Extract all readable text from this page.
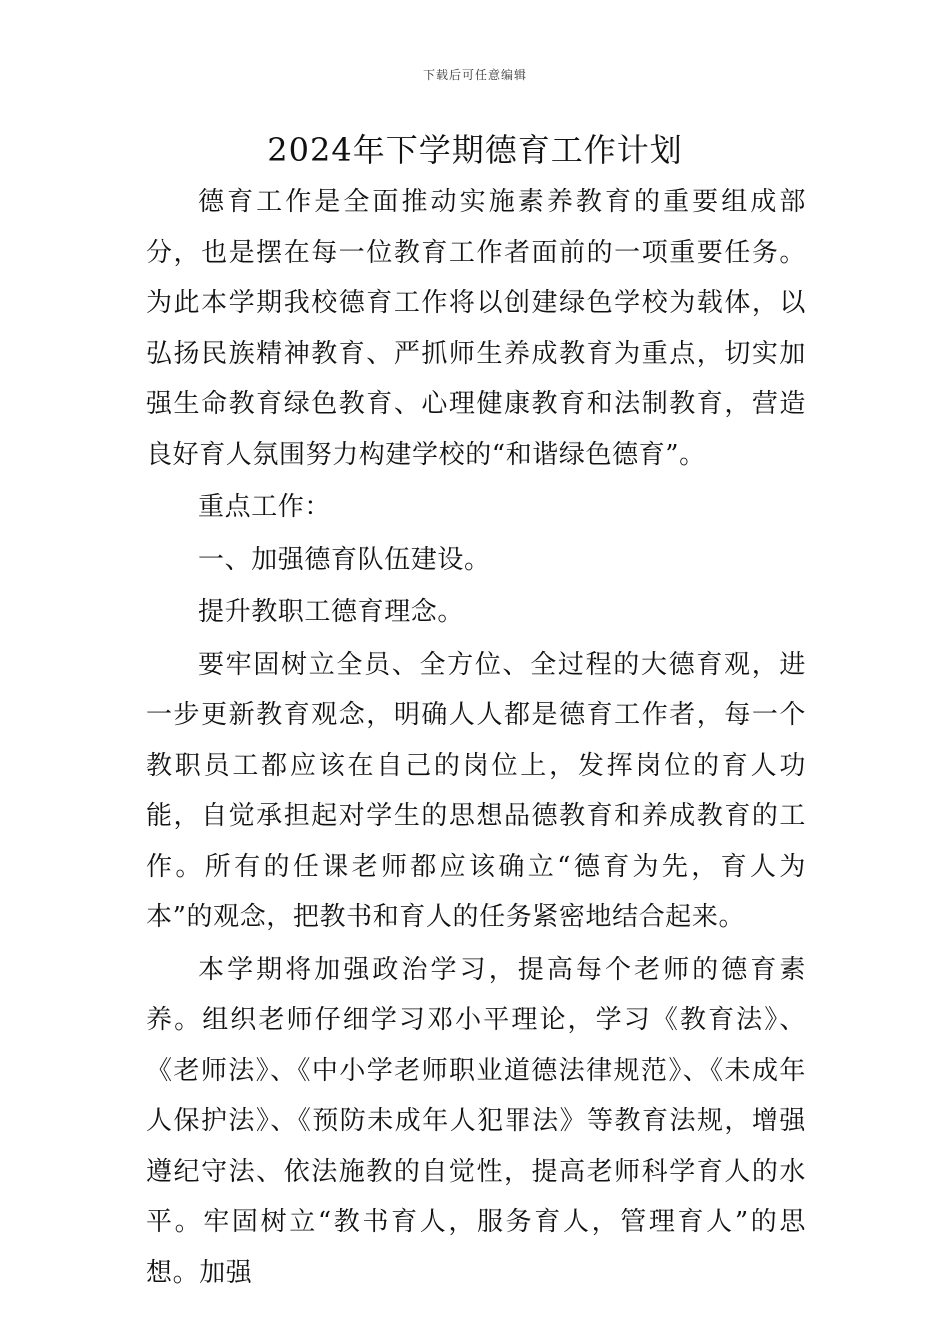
下载后可任意编辑
2024年下学期德育工作计划

德育工作是全面推动实施素养教育的重要组成部分，也是摆在每一位教育工作者面前的一项重要任务。为此本学期我校德育工作将以创建绿色学校为载体，以弘扬民族精神教育、严抓师生养成教育为重点，切实加强生命教育绿色教育、心理健康教育和法制教育，营造良好育人氛围努力构建学校的“和谐绿色德育”。

重点工作：

一、加强德育队伍建设。

提升教职工德育理念。

要牢固树立全员、全方位、全过程的大德育观，进一步更新教育观念，明确人人都是德育工作者，每一个教职员工都应该在自己的岗位上，发挥岗位的育人功能，自觉承担起对学生的思想品德教育和养成教育的工作。所有的任课老师都应该确立“德育为先，育人为本”的观念，把教书和育人的任务紧密地结合起来。

本学期将加强政治学习，提高每个老师的德育素养。组织老师仔细学习邓小平理论，学习《教育法》、《老师法》、《中小学老师职业道德法律规范》、《未成年人保护法》、《预防未成年人犯罪法》等教育法规，增强遵纪守法、依法施教的自觉性，提高老师科学育人的水平。牢固树立“教书育人，服务育人，管理育人”的思想。加强
